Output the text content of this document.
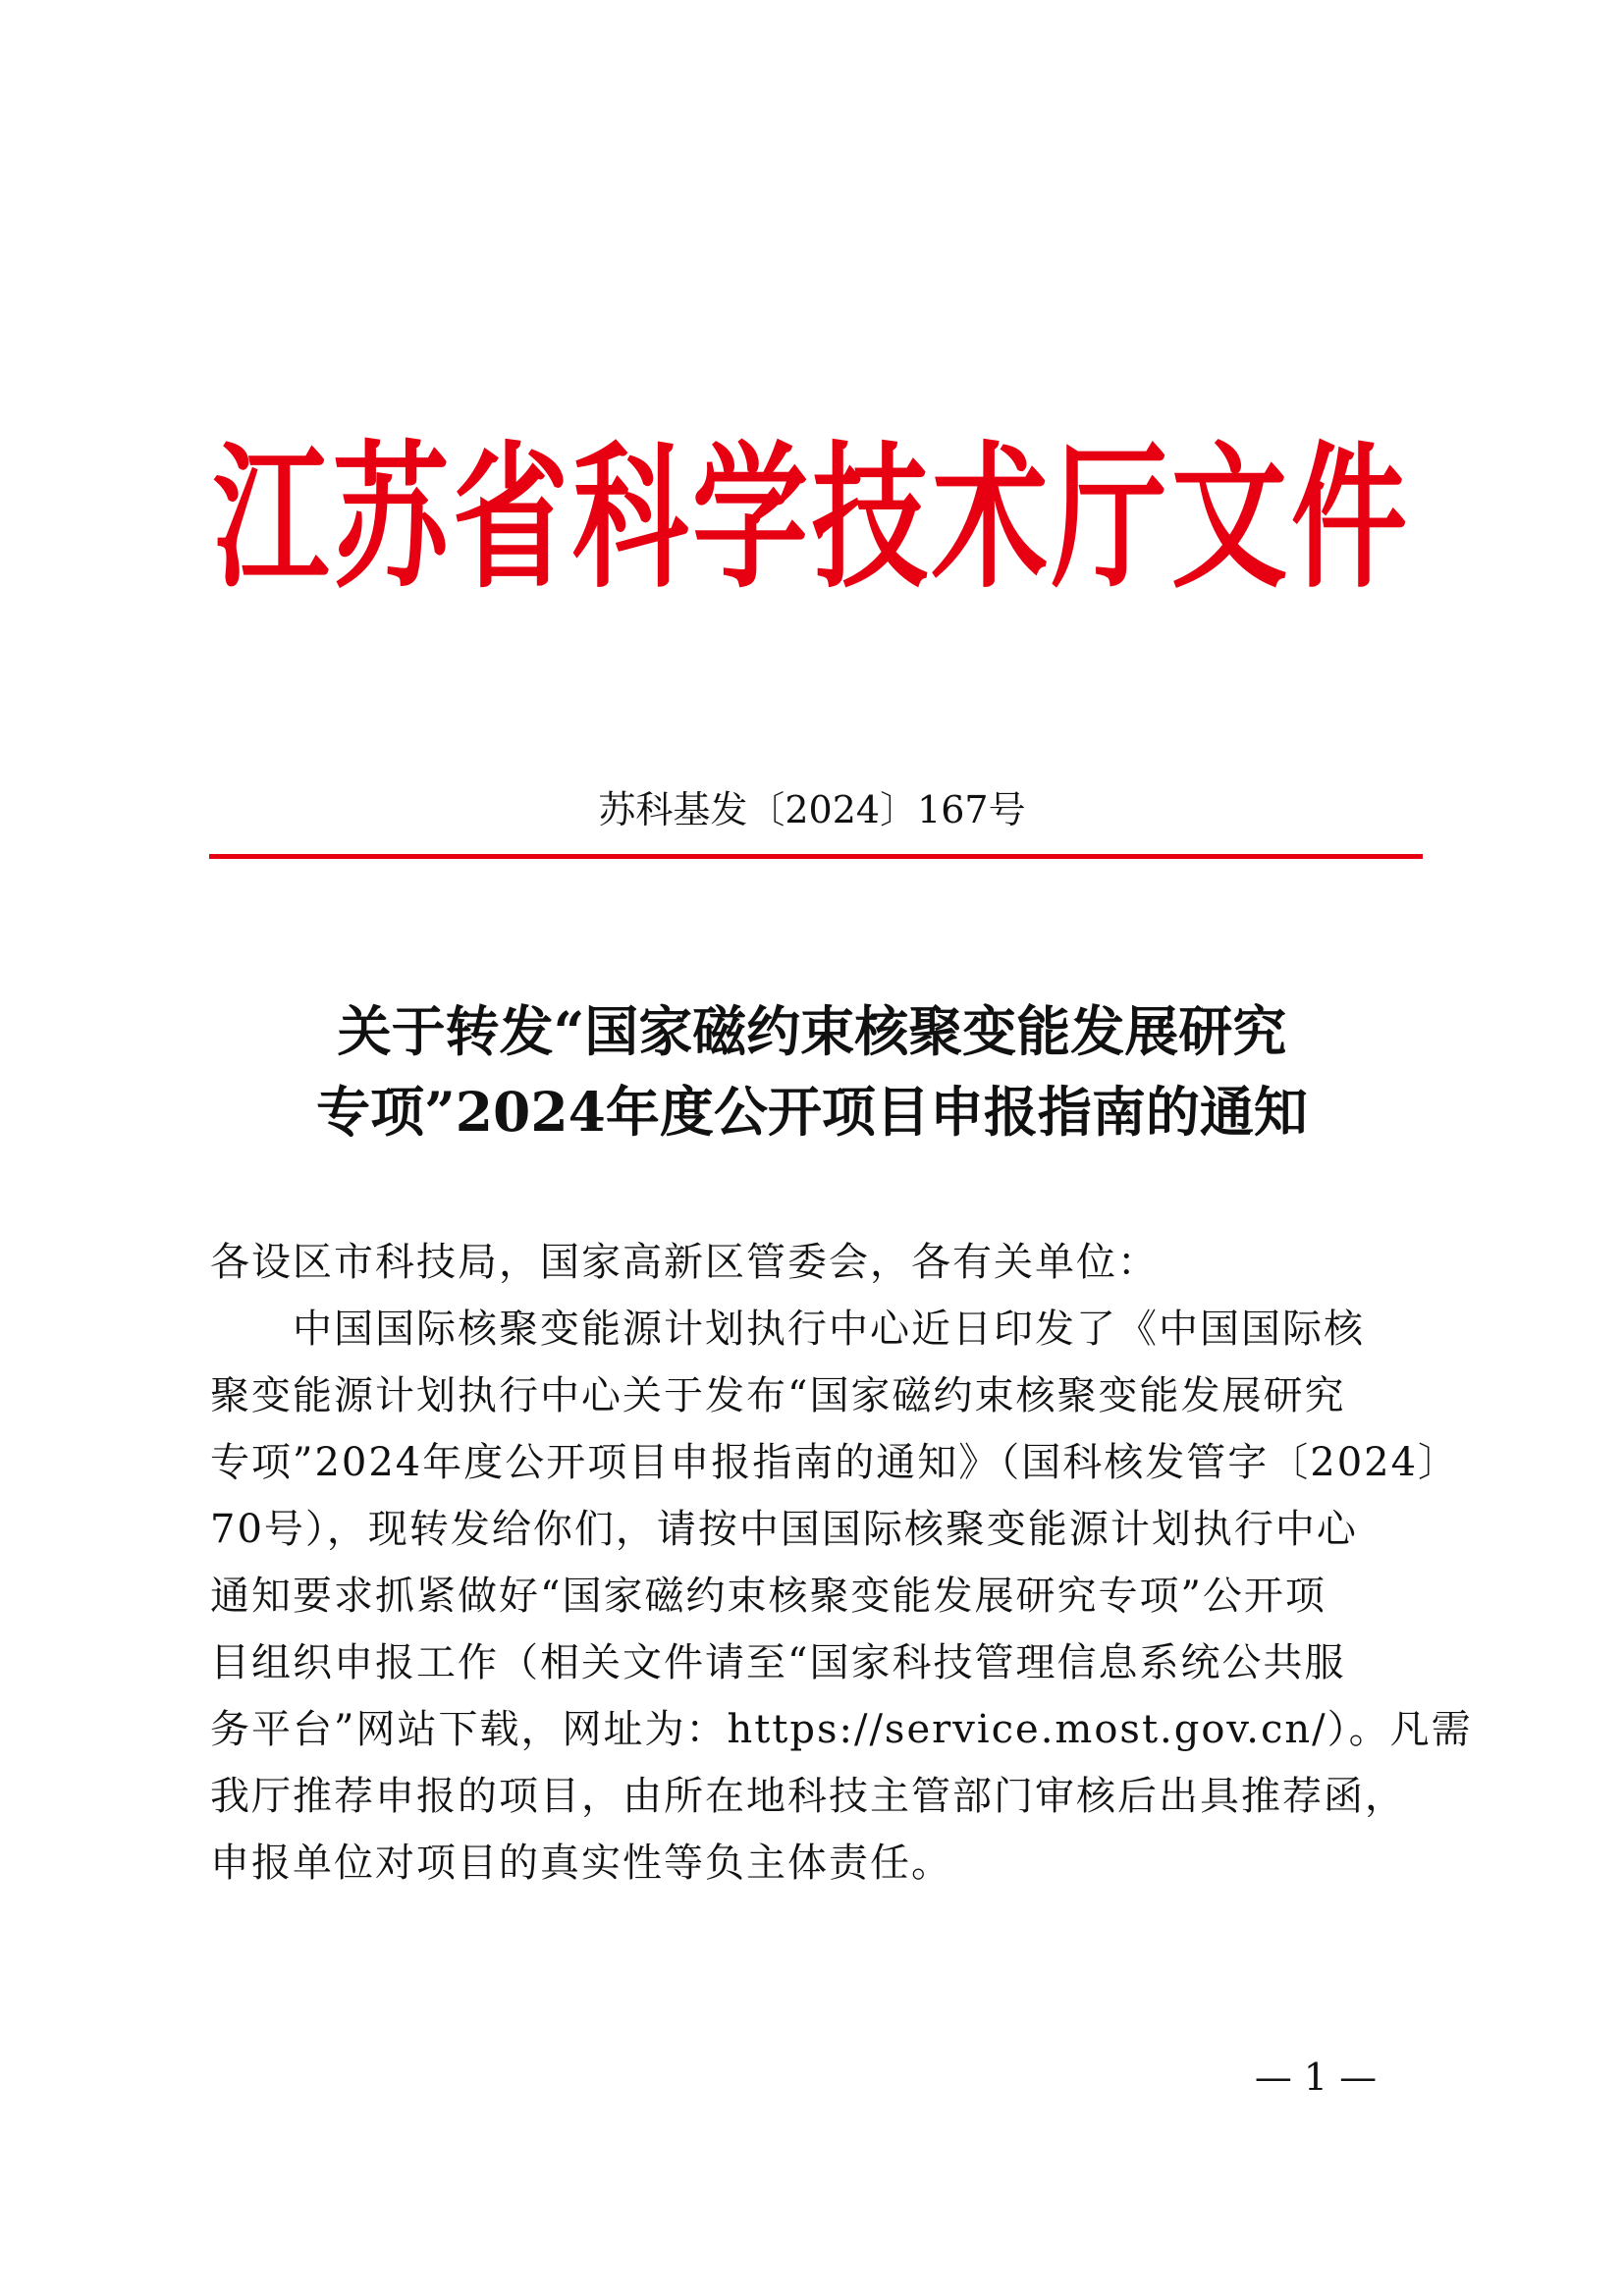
江苏省科学技术厅文件
苏科基发〔2024〕167号
关于转发“国家磁约束核聚变能发展研究
专项”2024年度公开项目申报指南的通知
各设区市科技局，国家高新区管委会，各有关单位：
　　中国国际核聚变能源计划执行中心近日印发了《中国国际核
聚变能源计划执行中心关于发布“国家磁约束核聚变能发展研究
专项”2024年度公开项目申报指南的通知》（国科核发管字〔2024〕
70号），现转发给你们，请按中国国际核聚变能源计划执行中心
通知要求抓紧做好“国家磁约束核聚变能发展研究专项”公开项
目组织申报工作（相关文件请至“国家科技管理信息系统公共服
务平台”网站下载，网址为：https://service.most.gov.cn/）。凡需
我厅推荐申报的项目，由所在地科技主管部门审核后出具推荐函，
申报单位对项目的真实性等负主体责任。
— 1 —
